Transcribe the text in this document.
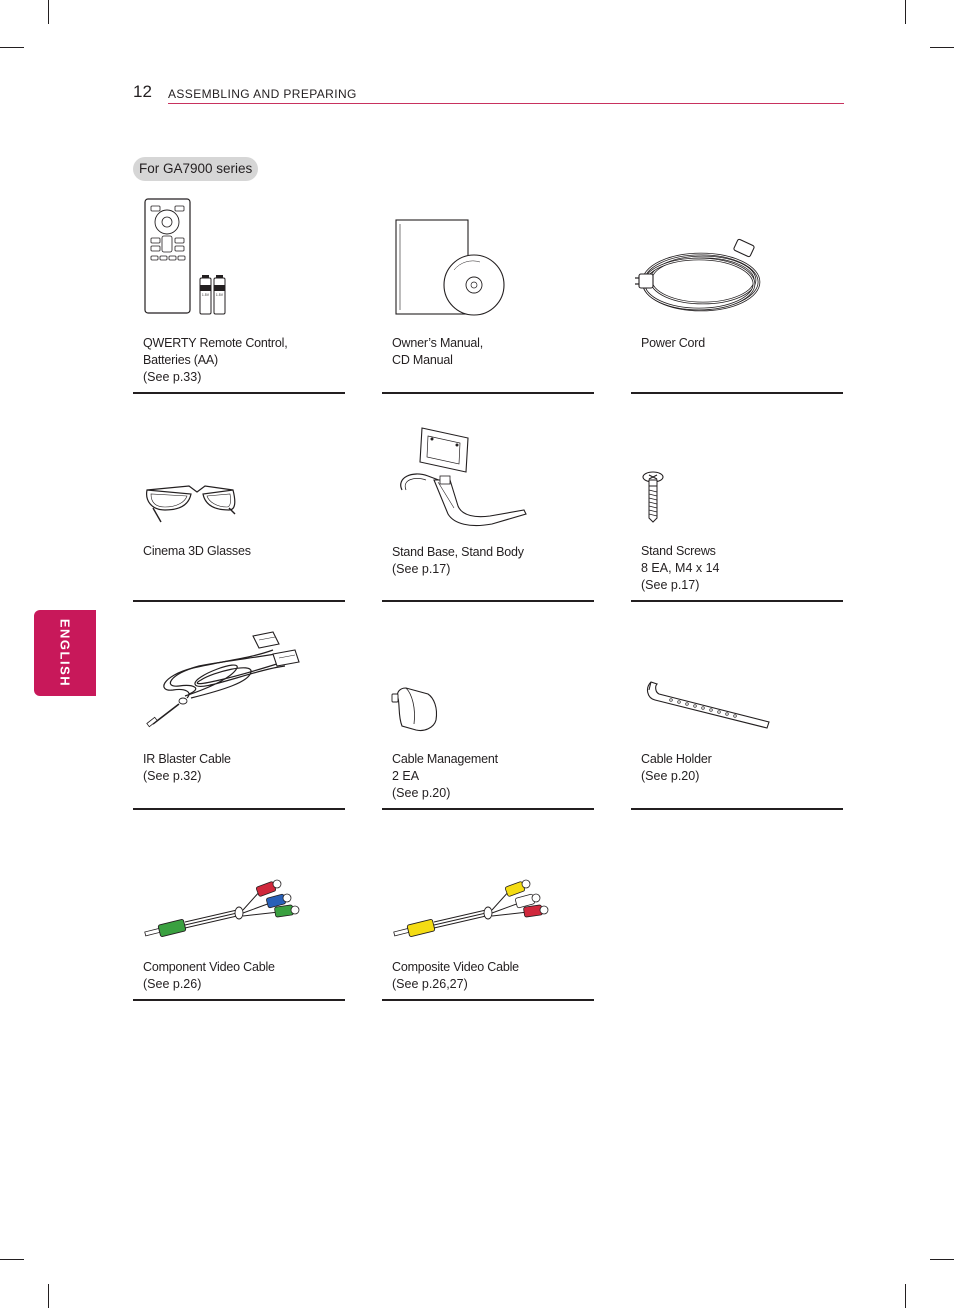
12 ASSEMBLING AND PREPARING
ENGLISH
For GA7900 series
1.5V 1.5V
QWERTY Remote Control,
Batteries (AA)
(See p.33)
Owner’s Manual,
CD Manual
Power Cord
Cinema 3D Glasses	Stand Base, Stand Body
(See p.17)
Stand Screws
8 EA, M4 x 14
(See p.17)
IR Blaster Cable
(See p.32)
Cable Management
2 EA
(See p.20)
Cable Holder
(See p.20)
Component Video Cable
(See p.26)
Composite Video Cable
(See p.26,27)
